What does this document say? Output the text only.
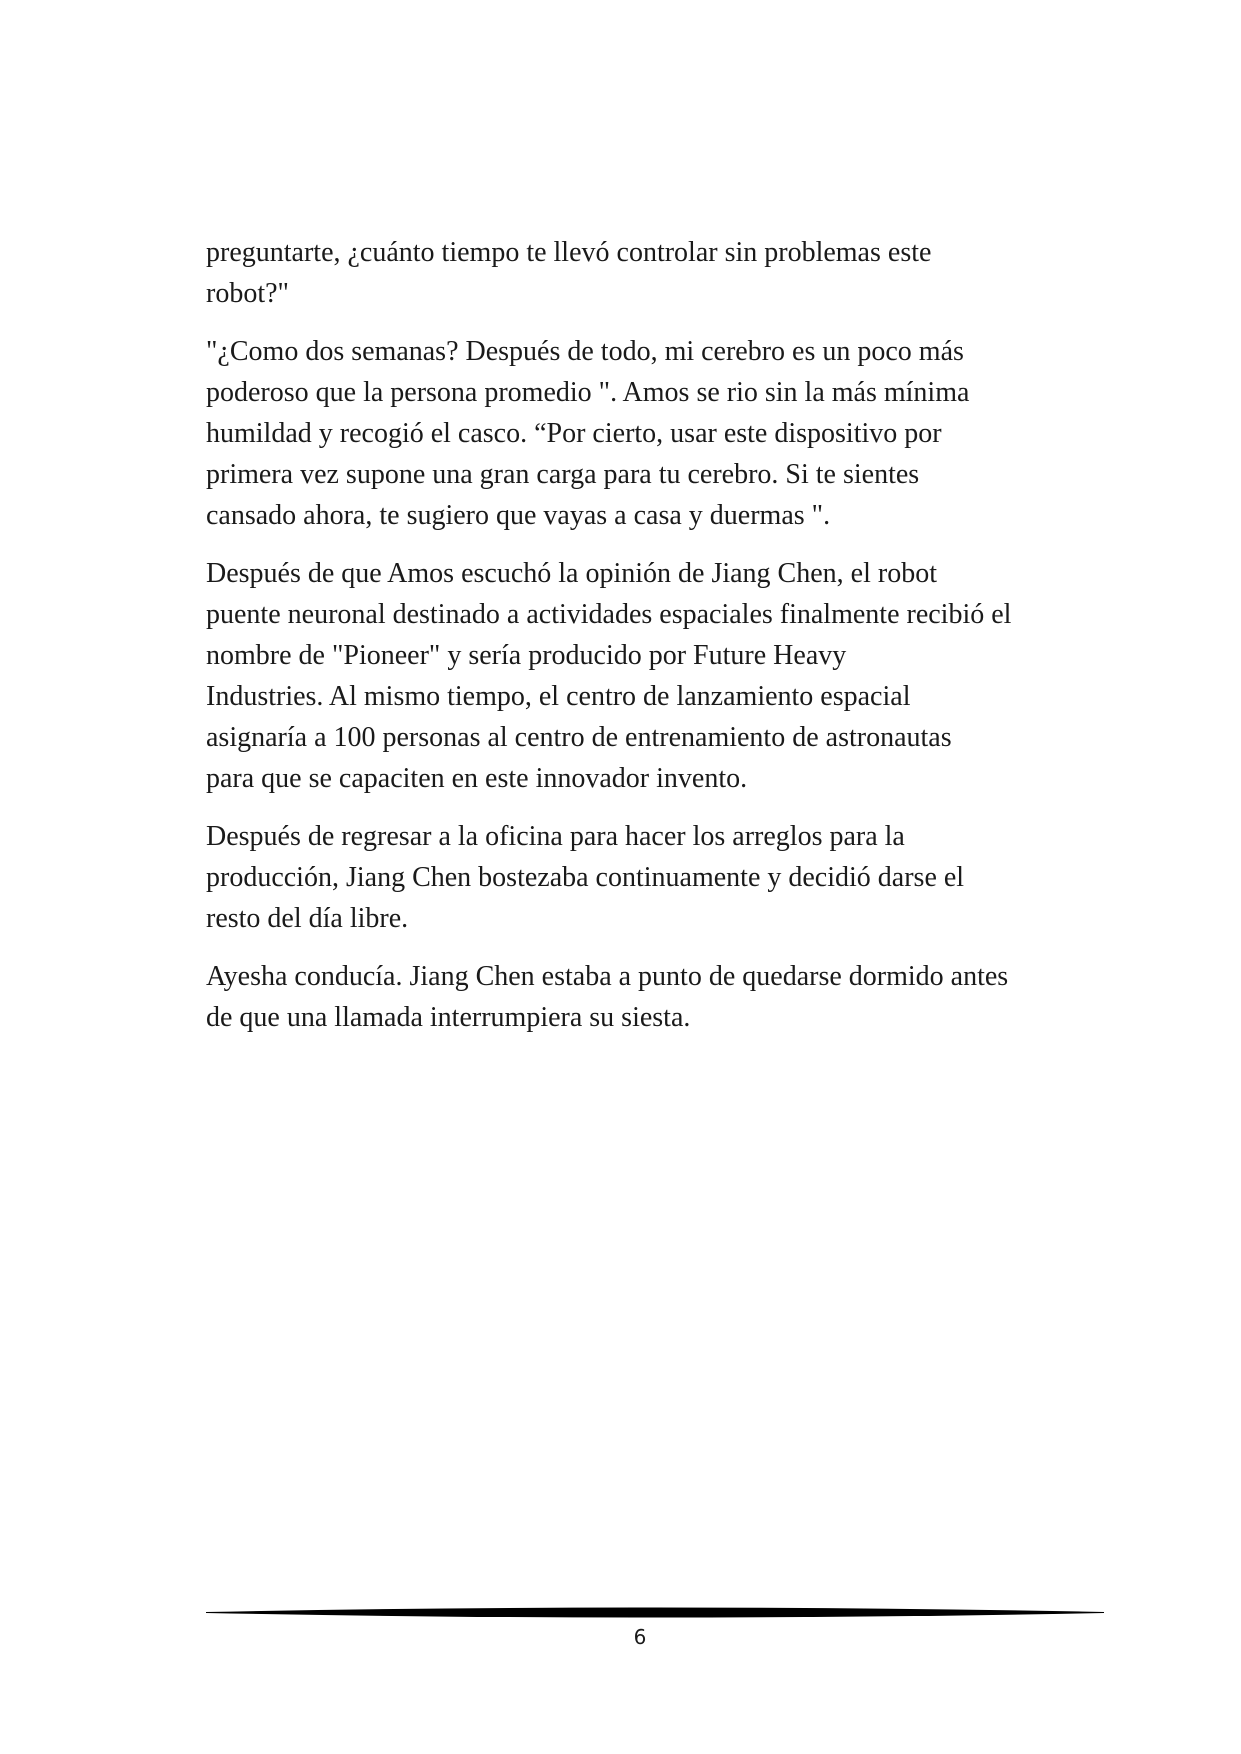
preguntarte, ¿cuánto tiempo te llevó controlar sin problemas este
robot?"

"¿Como dos semanas? Después de todo, mi cerebro es un poco más
poderoso que la persona promedio ". Amos se rio sin la más mínima
humildad y recogió el casco. “Por cierto, usar este dispositivo por
primera vez supone una gran carga para tu cerebro. Si te sientes
cansado ahora, te sugiero que vayas a casa y duermas ".

Después de que Amos escuchó la opinión de Jiang Chen, el robot
puente neuronal destinado a actividades espaciales finalmente recibió el
nombre de "Pioneer" y sería producido por Future Heavy
Industries. Al mismo tiempo, el centro de lanzamiento espacial
asignaría a 100 personas al centro de entrenamiento de astronautas
para que se capaciten en este innovador invento.

Después de regresar a la oficina para hacer los arreglos para la
producción, Jiang Chen bostezaba continuamente y decidió darse el
resto del día libre.

Ayesha conducía. Jiang Chen estaba a punto de quedarse dormido antes
de que una llamada interrumpiera su siesta.

6
